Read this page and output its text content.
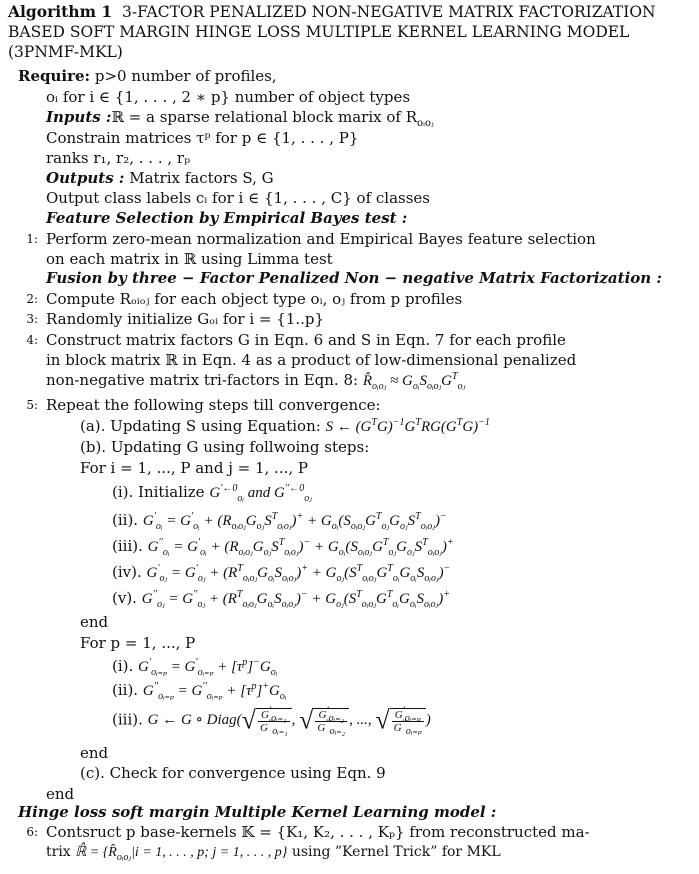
Algorithm 1 3-FACTOR PENALIZED NON-NEGATIVE MATRIX FACTORIZATION BASED SOFT MARGIN HINGE LOSS MULTIPLE KERNEL LEARNING MODEL (3PNMF-MKL)
Require: p>0 number of profiles,
oᵢ for i ∈ {1, . . . , 2 ∗ p} number of object types
Inputs :ℝ = a sparse relational block marix of $R_{oᵢoⱼ}$
Constrain matrices τᵖ for p ∈ {1, . . . , P}
ranks r₁, r₂, . . . , rₚ
Outputs : Matrix factors S, G
Output class labels cᵢ for i ∈ {1, . . . , C} of classes
Feature Selection by Empirical Bayes test :
1: Perform zero-mean normalization and Empirical Bayes feature selection
on each matrix in ℝ using Limma test
Fusion by three − Factor Penalized Non − negative Matrix Factorization :
2: Compute Rₒᵢₒⱼ for each object type oᵢ, oⱼ from p profiles
3: Randomly initialize Gₒᵢ for i = {1..p}
4: Construct matrix factors G in Eqn. 6 and S in Eqn. 7 for each profile
in block matrix ℝ in Eqn. 4 as a product of low-dimensional penalized
non-negative matrix tri-factors in Eqn. 8: $R̂_{oᵢoⱼ} \approx G_{oᵢ}S_{oᵢoⱼ}G^T_{oⱼ}$
5: Repeat the following steps till convergence:
(a). Updating S using Equation: S ← $(G^TG)^{-1}G^TRG(G^TG)^{-1}$
(b). Updating G using follwoing steps:
For i = 1, ..., P and j = 1, ..., P
(i). Initialize $G^{'\leftarrow 0}_{oᵢ}$ and $G^{''\leftarrow 0}_{oⱼ}$
(ii). $G'_{oᵢ} = G'_{oᵢ} + (R_{oᵢoⱼ}G_{oⱼ}S^T_{oᵢoⱼ})^+ + G_{oᵢ}(S_{oᵢoⱼ}G^T_{oⱼ}G_{oⱼ}S^T_{oᵢoⱼ})^-$
(iii). $G''_{oᵢ} = G'_{oᵢ} + (R_{oᵢoⱼ}G_{oⱼ}S^T_{oᵢoⱼ})^- + G_{oᵢ}(S_{oᵢoⱼ}G^T_{oⱼ}G_{oⱼ}S^T_{oᵢoⱼ})^+$
(iv). $G'_{oⱼ} = G'_{oⱼ} + (R^T_{oᵢoⱼ}G_{oᵢ}S_{oᵢoⱼ})^+ + G_{oⱼ}(S^T_{oᵢoⱼ}G^T_{oᵢ}G_{oᵢ}S_{oᵢoⱼ})^-$
(v). $G''_{oⱼ} = G''_{oⱼ} + (R^T_{oᵢoⱼ}G_{oᵢ}S_{oᵢoⱼ})^- + G_{oⱼ}(S^T_{oᵢoⱼ}G^T_{oᵢ}G_{oᵢ}S_{oᵢoⱼ})^+$
end
For p = 1, ..., P
(i). $G'_{oᵢ_{=p}} = G'_{oᵢ_{=p}} + [\tau^p]^-G_{oᵢ}$
(ii). $G''_{oᵢ_{=p}} = G''_{oᵢ_{=p}} + [\tau^p]^+G_{oᵢ}$
(iii). G ← G ∘ Diag(√ $\frac{G'_{oᵢ_{=1}}}{G''_{oᵢ_{=1}}}$ , √ $\frac{G'_{oᵢ_{=2}}}{G''_{oᵢ_{=2}}}$ , ..., √ $\frac{G'_{oᵢ_{=p}}}{G''_{oᵢ_{=p}}}$ )
end
(c). Check for convergence using Eqn. 9
end
Hinge loss soft margin Multiple Kernel Learning model :
6: Contsruct p base-kernels 𝕂 = {K₁, K₂, . . . , Kₚ} from reconstructed ma-
trix ℝ̂ = {$R̂_{oᵢoⱼ}|i = 1$, . . . , p; j = 1, . . . , p} using ”Kernel Trick” for MKL
